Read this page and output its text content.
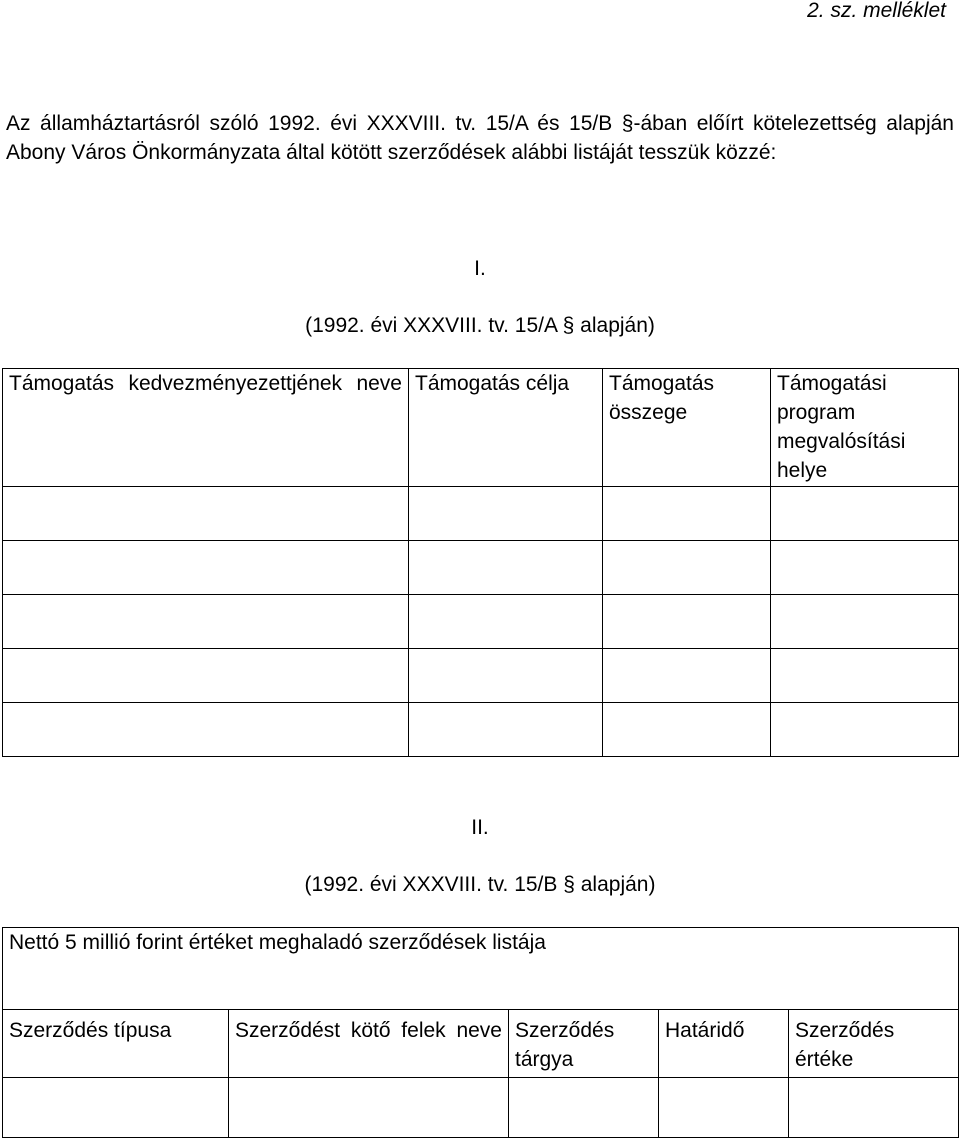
2. sz. melléklet

Az államháztartásról szóló 1992. évi XXXVIII. tv. 15/A és 15/B §-ában előírt kötelezettség alapján Abony Város Önkormányzata által kötött szerződések alábbi listáját tesszük közzé:

I.
(1992. évi XXXVIII. tv. 15/A § alapján)
Támogatás kedvezményezettjének neve	Támogatás célja	Támogatás összege	Támogatási program megvalósítási helye

II.
(1992. évi XXXVIII. tv. 15/B § alapján)
Nettó 5 millió forint értéket meghaladó szerződések listája				
Szerződés típusa	Szerződést kötő felek neve	Szerződés tárgya	Határidő	Szerződés értéke
